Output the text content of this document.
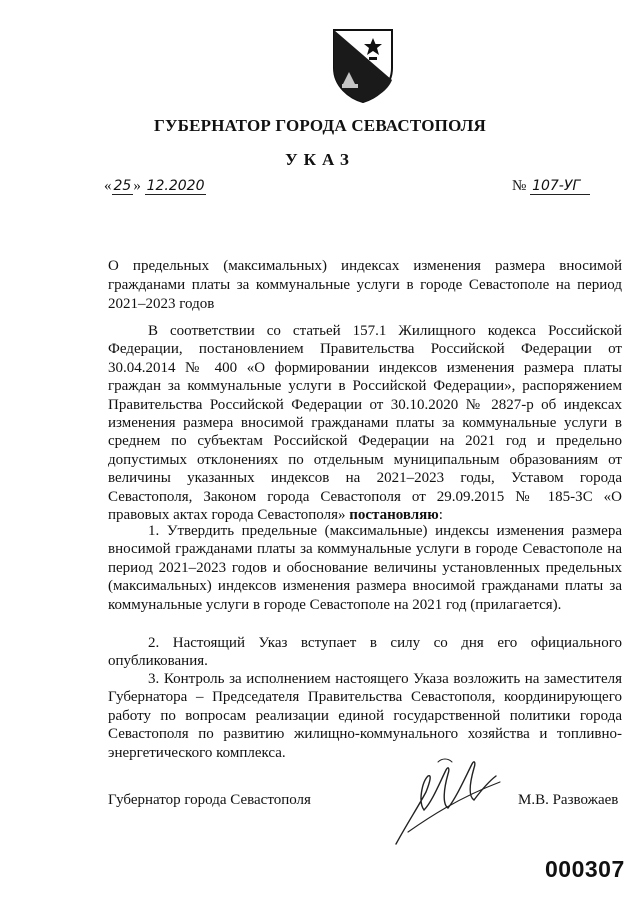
ГУБЕРНАТОР ГОРОДА СЕВАСТОПОЛЯ
УКАЗ
« 25 » 12.2020	№ 107-УГ
О предельных (максимальных) индексах изменения размера вносимой гражданами платы за коммунальные услуги в городе Севастополе на период 2021–2023 годов
В соответствии со статьей 157.1 Жилищного кодекса Российской Федерации, постановлением Правительства Российской Федерации от 30.04.2014 № 400 «О формировании индексов изменения размера платы граждан за коммунальные услуги в Российской Федерации», распоряжением Правительства Российской Федерации от 30.10.2020 № 2827-р об индексах изменения размера вносимой гражданами платы за коммунальные услуги в среднем по субъектам Российской Федерации на 2021 год и предельно допустимых отклонениях по отдельным муниципальным образованиям от величины указанных индексов на 2021–2023 годы, Уставом города Севастополя, Законом города Севастополя от 29.09.2015 № 185-ЗС «О правовых актах города Севастополя» постановляю:
1. Утвердить предельные (максимальные) индексы изменения размера вносимой гражданами платы за коммунальные услуги в городе Севастополе на период 2021–2023 годов и обоснование величины установленных предельных (максимальных) индексов изменения размера вносимой гражданами платы за коммунальные услуги в городе Севастополе на 2021 год (прилагается).
2. Настоящий Указ вступает в силу со дня его официального опубликования.
3. Контроль за исполнением настоящего Указа возложить на заместителя Губернатора – Председателя Правительства Севастополя, координирующего работу по вопросам реализации единой государственной политики города Севастополя по развитию жилищно-коммунального хозяйства и топливно-энергетического комплекса.
Губернатор города Севастополя	М.В. Развожаев
000307
